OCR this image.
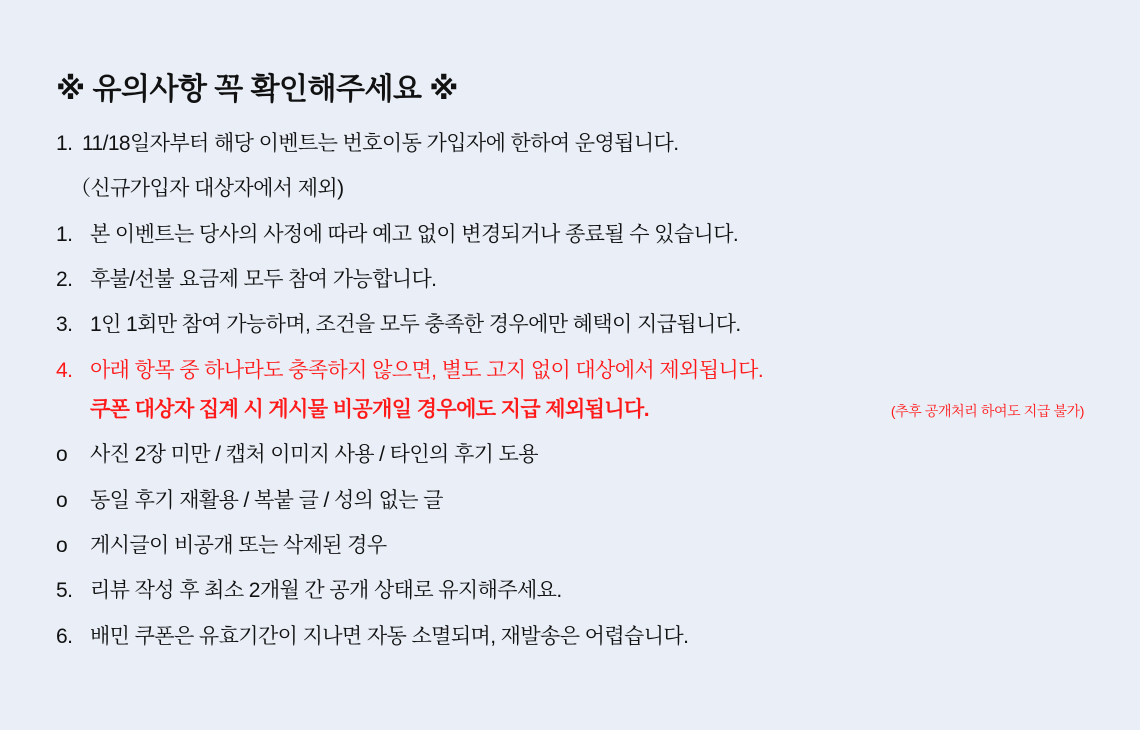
※ 유의사항 꼭 확인해주세요 ※
1. 11/18일자부터 해당 이벤트는 번호이동 가입자에 한하여 운영됩니다.
（신규가입자 대상자에서 제외)
1. 본 이벤트는 당사의 사정에 따라 예고 없이 변경되거나 종료될 수 있습니다.
2. 후불/선불 요금제 모두 참여 가능합니다.
3. 1인 1회만 참여 가능하며, 조건을 모두 충족한 경우에만 혜택이 지급됩니다.
4. 아래 항목 중 하나라도 충족하지 않으면, 별도 고지 없이 대상에서 제외됩니다.
쿠폰 대상자 집계 시 게시물 비공개일 경우에도 지급 제외됩니다.	(추후 공개처리 하여도 지급 불가)
o	사진 2장 미만 / 캡처 이미지 사용 / 타인의 후기 도용
o	동일 후기 재활용 / 복붙 글 / 성의 없는 글
o	게시글이 비공개 또는 삭제된 경우
5. 리뷰 작성 후 최소 2개월 간 공개 상태로 유지해주세요.
6. 배민 쿠폰은 유효기간이 지나면 자동 소멸되며, 재발송은 어렵습니다.
